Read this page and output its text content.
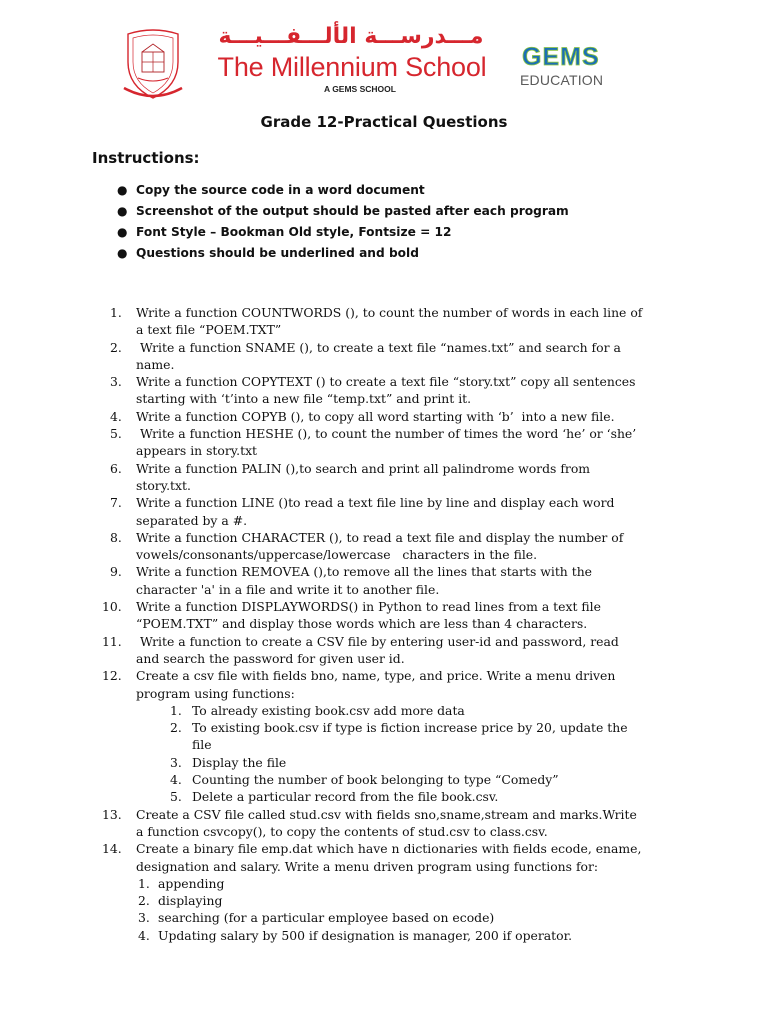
مـــدرســـة الألـــفـــيـــة
The Millennium School
A GEMS SCHOOL
GEMS
EDUCATION
Grade 12-Practical Questions
Instructions:
● Copy the source code in a word document
● Screenshot of the output should be pasted after each program
● Font Style – Bookman Old style, Fontsize = 12
● Questions should be underlined and bold
1. Write a function COUNTWORDS (), to count the number of words in each line of
a text file “POEM.TXT”
2. Write a function SNAME (), to create a text file “names.txt” and search for a
name.
3. Write a function COPYTEXT () to create a text file “story.txt” copy all sentences
starting with ‘t’into a new file “temp.txt” and print it.
4. Write a function COPYB (), to copy all word starting with ‘b’  into a new file.
5. Write a function HESHE (), to count the number of times the word ‘he’ or ‘she’
appears in story.txt
6. Write a function PALIN (),to search and print all palindrome words from
story.txt.
7. Write a function LINE ()to read a text file line by line and display each word
separated by a #.
8. Write a function CHARACTER (), to read a text file and display the number of
vowels/consonants/uppercase/lowercase   characters in the file.
9. Write a function REMOVEA (),to remove all the lines that starts with the
character 'a' in a file and write it to another file.
10. Write a function DISPLAYWORDS() in Python to read lines from a text file
“POEM.TXT” and display those words which are less than 4 characters.
11. Write a function to create a CSV file by entering user-id and password, read
and search the password for given user id.
12. Create a csv file with fields bno, name, type, and price. Write a menu driven
program using functions:
1. To already existing book.csv add more data
2. To existing book.csv if type is fiction increase price by 20, update the
file
3. Display the file
4. Counting the number of book belonging to type “Comedy”
5. Delete a particular record from the file book.csv.
13. Create a CSV file called stud.csv with fields sno,sname,stream and marks.Write
a function csvcopy(), to copy the contents of stud.csv to class.csv.
14. Create a binary file emp.dat which have n dictionaries with fields ecode, ename,
designation and salary. Write a menu driven program using functions for:
1. appending
2. displaying
3. searching (for a particular employee based on ecode)
4. Updating salary by 500 if designation is manager, 200 if operator.
